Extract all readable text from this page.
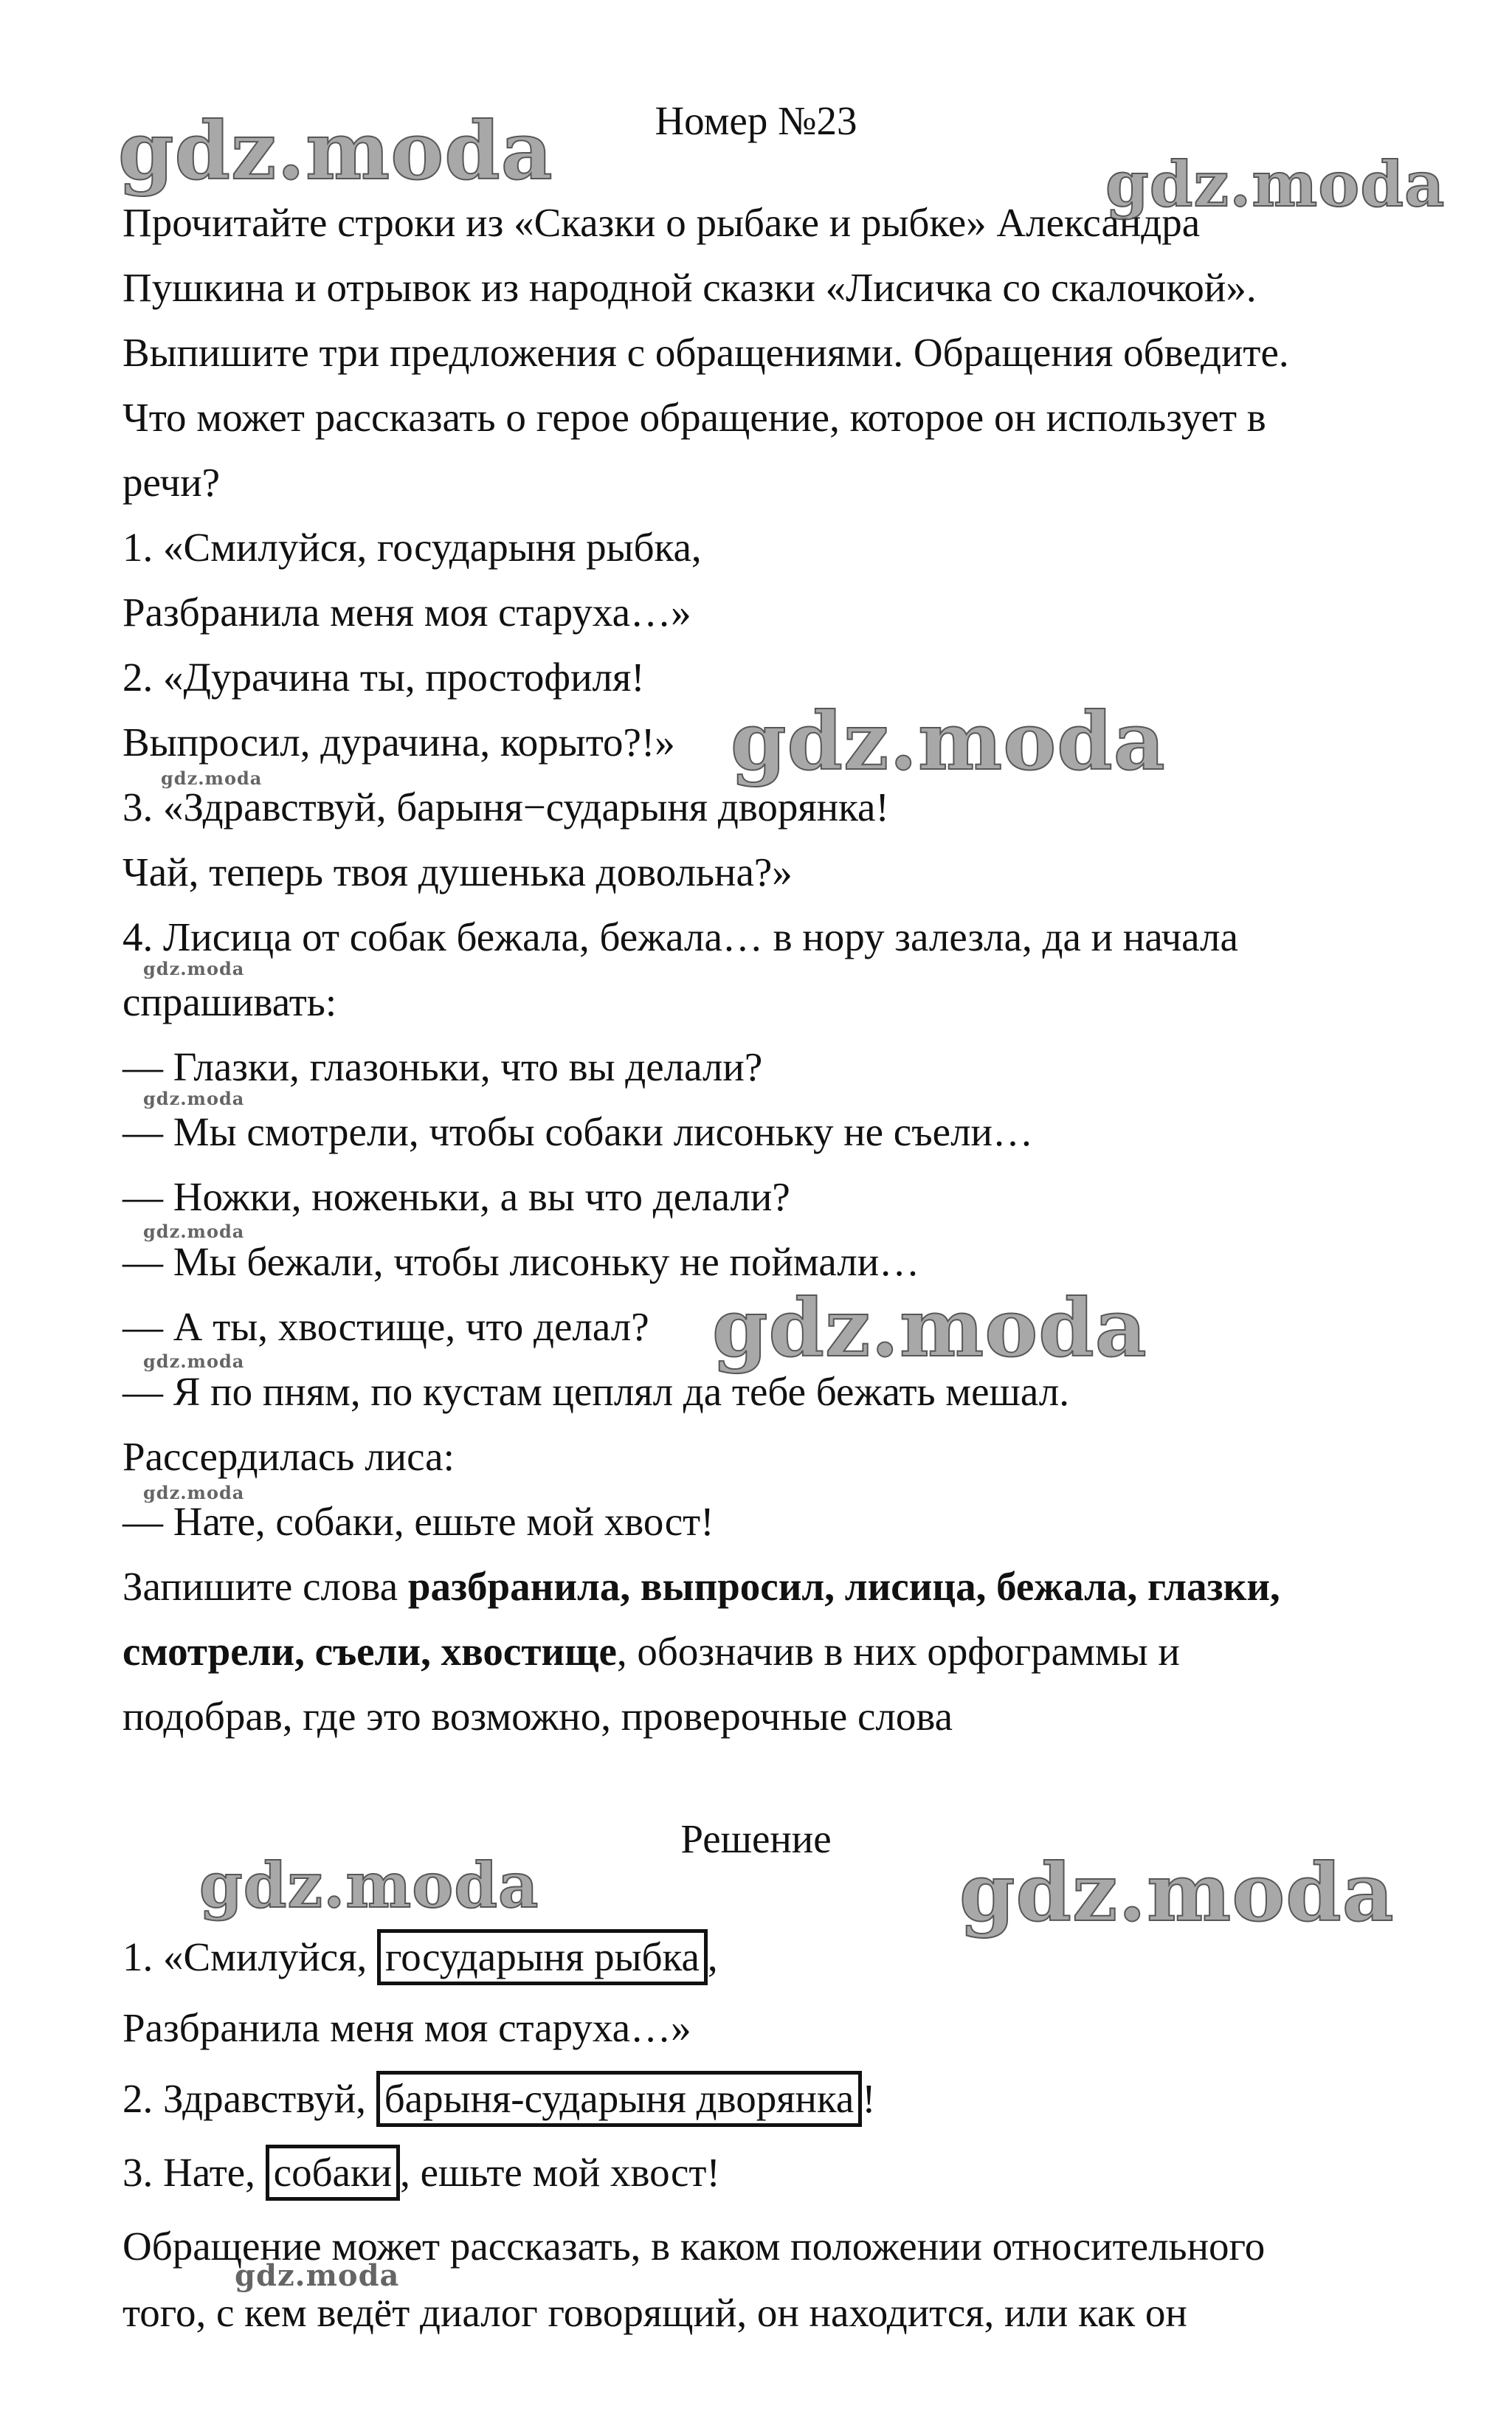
Номер №23
Прочитайте строки из «Сказки о рыбаке и рыбке» Александра
Пушкина и отрывок из народной сказки «Лисичка со скалочкой».
Выпишите три предложения с обращениями. Обращения обведите.
Что может рассказать о герое обращение, которое он использует в
речи?
1. «Смилуйся, государыня рыбка,
Разбранила меня моя старуха…»
2. «Дурачина ты, простофиля!
Выпросил, дурачина, корыто?!»
3. «Здравствуй, барыня−сударыня дворянка!
Чай, теперь твоя душенька довольна?»
4. Лисица от собак бежала, бежала… в нору залезла, да и начала
спрашивать:
— Глазки, глазоньки, что вы делали?
— Мы смотрели, чтобы собаки лисоньку не съели…
— Ножки, ноженьки, а вы что делали?
— Мы бежали, чтобы лисоньку не поймали…
— А ты, хвостище, что делал?
— Я по пням, по кустам цеплял да тебе бежать мешал.
Рассердилась лиса:
— Нате, собаки, ешьте мой хвост!
Запишите слова разбранила, выпросил, лисица, бежала, глазки,
смотрели, съели, хвостище, обозначив в них орфограммы и
подобрав, где это возможно, проверочные слова
Решение
1. «Смилуйся, государыня рыбка ,
Разбранила меня моя старуха…»
2. Здравствуй, барыня-сударыня дворянка !
3. Нате, собаки , ешьте мой хвост!
Обращение может рассказать, в каком положении относительного
того, с кем ведёт диалог говорящий, он находится, или как он
gdz.moda	gdz.moda
gdz.moda
gdz.moda
gdz.moda
gdz.moda
gdz.moda
gdz.moda
gdz.moda
gdz.moda
gdz.moda	gdz.moda
gdz.moda
